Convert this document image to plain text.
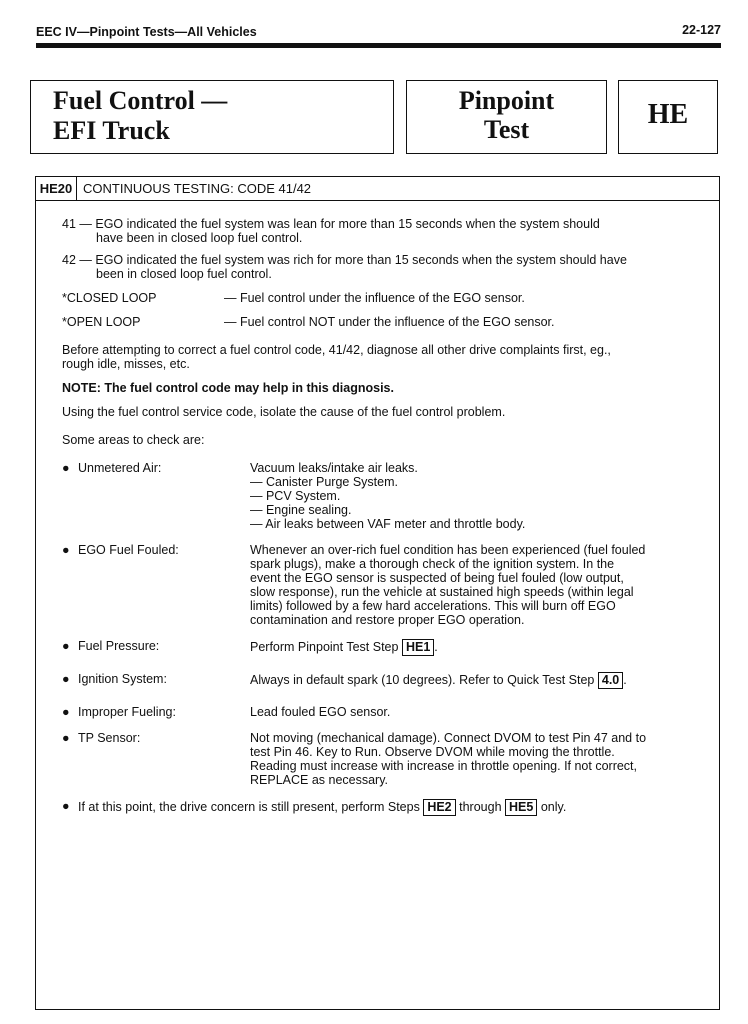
EEC IV—Pinpoint Tests—All Vehicles	22-127
Fuel Control —
EFI Truck
Pinpoint
Test	HE
HE20 CONTINUOUS TESTING: CODE 41/42
41 — EGO indicated the fuel system was lean for more than 15 seconds when the system should
have been in closed loop fuel control.
42 — EGO indicated the fuel system was rich for more than 15 seconds when the system should have
been in closed loop fuel control.
*CLOSED LOOP	— Fuel control under the influence of the EGO sensor.
*OPEN LOOP	— Fuel control NOT under the influence of the EGO sensor.
Before attempting to correct a fuel control code, 41/42, diagnose all other drive complaints first, eg.,
rough idle, misses, etc.
NOTE: The fuel control code may help in this diagnosis.
Using the fuel control service code, isolate the cause of the fuel control problem.
Some areas to check are:
● Unmetered Air:	Vacuum leaks/intake air leaks.
— Canister Purge System.
— PCV System.
— Engine sealing.
— Air leaks between VAF meter and throttle body.
● EGO Fuel Fouled:	Whenever an over-rich fuel condition has been experienced (fuel fouled
spark plugs), make a thorough check of the ignition system. In the
event the EGO sensor is suspected of being fuel fouled (low output,
slow response), run the vehicle at sustained high speeds (within legal
limits) followed by a few hard accelerations. This will burn off EGO
contamination and restore proper EGO operation.
● Fuel Pressure:	Perform Pinpoint Test Step HE1 .
● Ignition System:	Always in default spark (10 degrees). Refer to Quick Test Step 4.0 .
● Improper Fueling:	Lead fouled EGO sensor.
● TP Sensor:	Not moving (mechanical damage). Connect DVOM to test Pin 47 and to
test Pin 46. Key to Run. Observe DVOM while moving the throttle.
Reading must increase with increase in throttle opening. If not correct,
REPLACE as necessary.
● If at this point, the drive concern is still present, perform Steps HE2 through HE5 only.
